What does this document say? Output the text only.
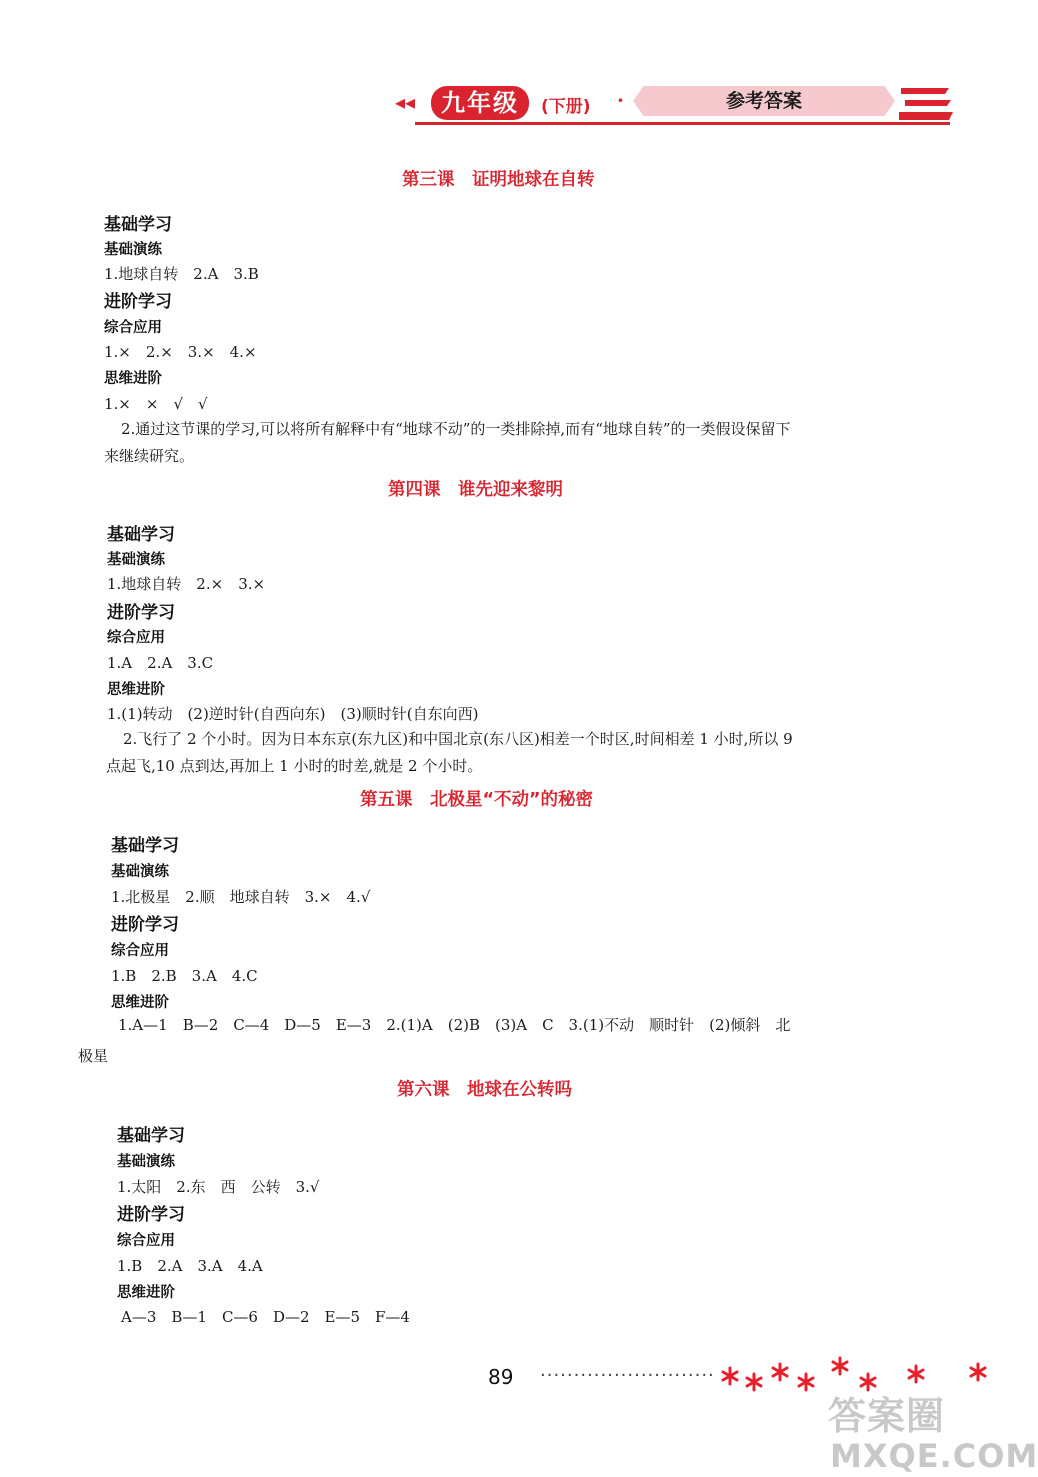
◂◂	九年级	(下册) ·	参考答案
第三课　证明地球在自转
基础学习
基础演练
1.地球自转　2.A　3.B
进阶学习
综合应用
1.×　2.×　3.×　4.×
思维进阶
1.×　×　√　√
2.通过这节课的学习,可以将所有解释中有“地球不动”的一类排除掉,而有“地球自转”的一类假设保留下
来继续研究。
第四课　谁先迎来黎明
基础学习
基础演练
1.地球自转　2.×　3.×
进阶学习
综合应用
1.A　2.A　3.C
思维进阶
1.(1)转动　(2)逆时针(自西向东)　(3)顺时针(自东向西)
2.飞行了 2 个小时。因为日本东京(东九区)和中国北京(东八区)相差一个时区,时间相差 1 小时,所以 9
点起飞,10 点到达,再加上 1 小时的时差,就是 2 个小时。
第五课　北极星“不动”的秘密
基础学习
基础演练
1.北极星　2.顺　地球自转　3.×　4.√
进阶学习
综合应用
1.B　2.B　3.A　4.C
思维进阶
1.A—1　B—2　C—4　D—5　E—3　2.(1)A　(2)B　(3)A　C　3.(1)不动　顺时针　(2)倾斜　北
极星
第六课　地球在公转吗
基础学习
基础演练
1.太阳　2.东　西　公转　3.√
进阶学习
综合应用
1.B　2.A　3.A　4.A
思维进阶
A—3　B—1　C—6　D—2　E—5　F—4
89 ··························
答案圈
MXQE.COM
